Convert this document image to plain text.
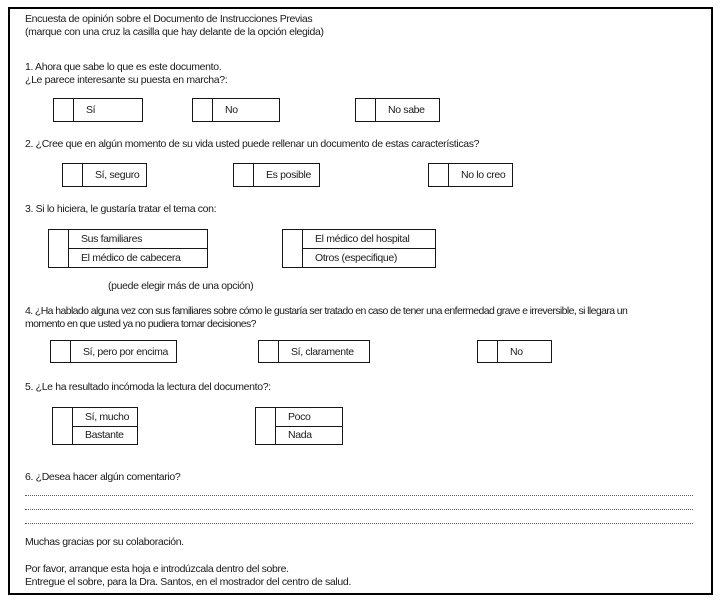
Encuesta de opinión sobre el Documento de Instrucciones Previas
(marque con una cruz la casilla que hay delante de la opción elegida)
1. Ahora que sabe lo que es este documento.
¿Le parece interesante su puesta en marcha?:
Sí	No	No sabe
2. ¿Cree que en algún momento de su vida usted puede rellenar un documento de estas características?
Sí, seguro	Es posible	No lo creo
3. Si lo hiciera, le gustaría tratar el tema con:
Sus familiares
El médico de cabecera
El médico del hospital
Otros (especifique)
(puede elegir más de una opción)
4. ¿Ha hablado alguna vez con sus familiares sobre cómo le gustaría ser tratado en caso de tener una enfermedad grave e irreversible, si llegara un
momento en que usted ya no pudiera tomar decisiones?
Sí, pero por encima	Sí, claramente	No
5. ¿Le ha resultado incómoda la lectura del documento?:
Sí, mucho
Bastante
Poco
Nada
6. ¿Desea hacer algún comentario?
Muchas gracias por su colaboración.
Por favor, arranque esta hoja e introdúzcala dentro del sobre.
Entregue el sobre, para la Dra. Santos, en el mostrador del centro de salud.
